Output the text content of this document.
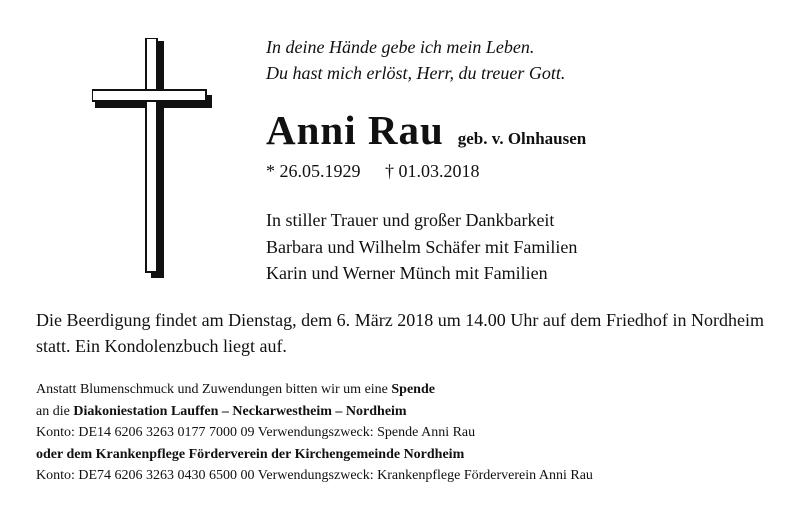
In deine Hände gebe ich mein Leben.
Du hast mich erlöst, Herr, du treuer Gott.
Anni Rau geb. v. Olnhausen
* 26.05.1929 † 01.03.2018
In stiller Trauer und großer Dankbarkeit
Barbara und Wilhelm Schäfer mit Familien
Karin und Werner Münch mit Familien
Die Beerdigung findet am Dienstag, dem 6. März 2018 um 14.00 Uhr auf dem Friedhof in Nordheim statt. Ein Kondolenzbuch liegt auf.
Anstatt Blumenschmuck und Zuwendungen bitten wir um eine Spende
an die Diakoniestation Lauffen – Neckarwestheim – Nordheim
Konto: DE14 6206 3263 0177 7000 09 Verwendungszweck: Spende Anni Rau
oder dem Krankenpflege Förderverein der Kirchengemeinde Nordheim
Konto: DE74 6206 3263 0430 6500 00 Verwendungszweck: Krankenpflege Förderverein Anni Rau
